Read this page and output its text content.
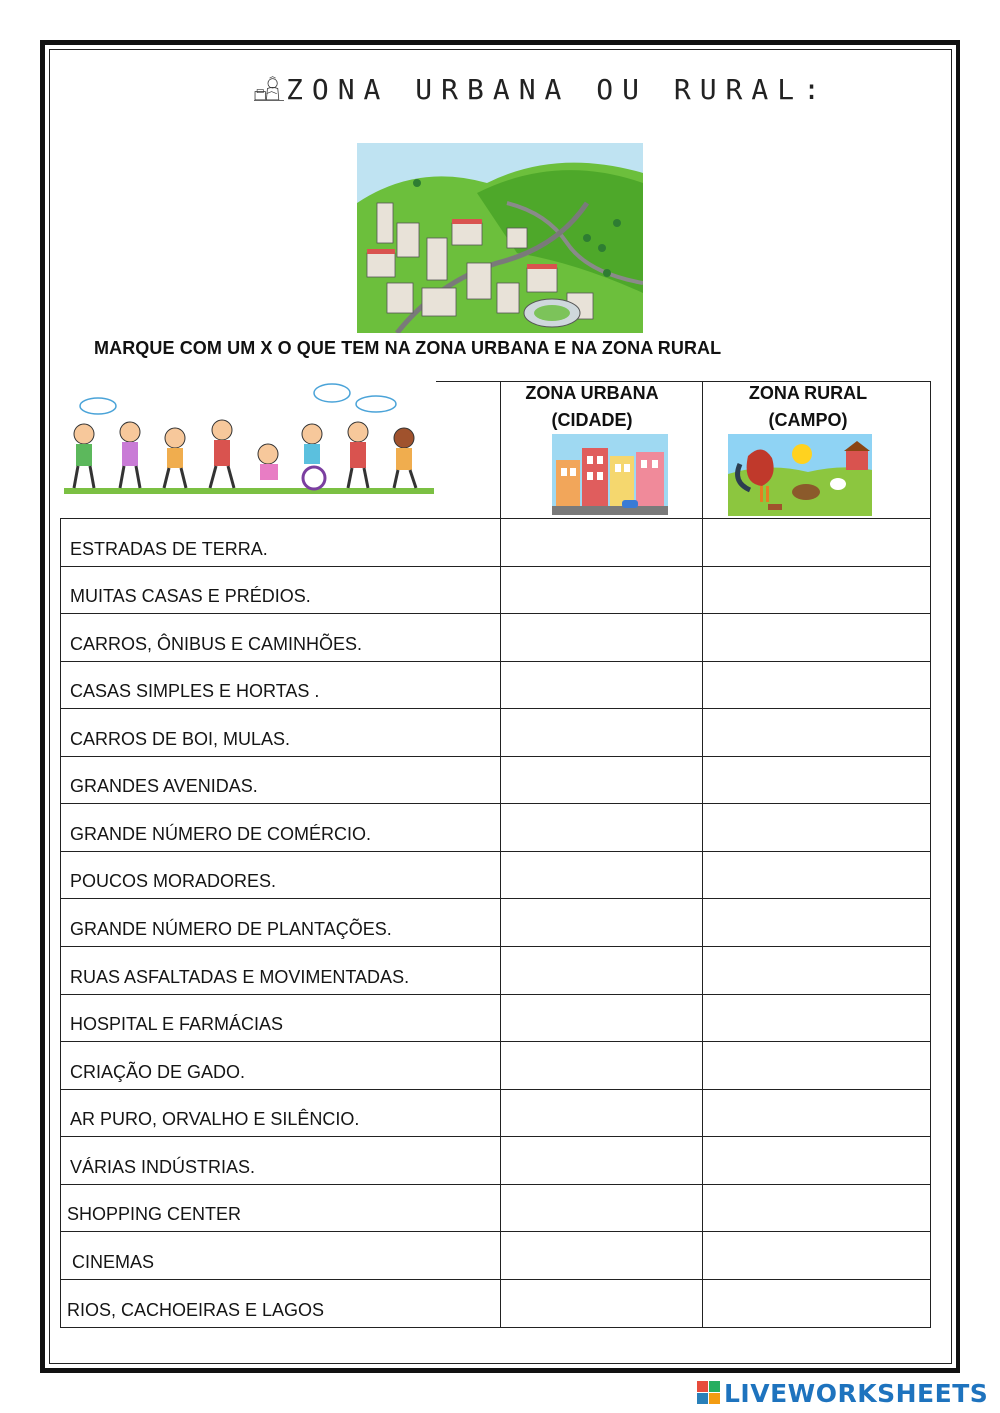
ZONA URBANA OU RURAL:
MARQUE COM UM X O QUE TEM NA ZONA URBANA E NA ZONA RURAL
ZONA URBANA
(CIDADE)
ZONA RURAL
(CAMPO)
ESTRADAS DE TERRA.
MUITAS CASAS E PRÉDIOS.
CARROS, ÔNIBUS E CAMINHÕES.
CASAS SIMPLES E HORTAS .
CARROS DE BOI, MULAS.
GRANDES AVENIDAS.
GRANDE NÚMERO DE COMÉRCIO.
POUCOS MORADORES.
GRANDE NÚMERO DE PLANTAÇÕES.
RUAS ASFALTADAS E MOVIMENTADAS.
HOSPITAL E FARMÁCIAS
CRIAÇÃO DE GADO.
AR PURO, ORVALHO E SILÊNCIO.
VÁRIAS INDÚSTRIAS.
SHOPPING CENTER
CINEMAS
RIOS, CACHOEIRAS E LAGOS
LIVEWORKSHEETS
